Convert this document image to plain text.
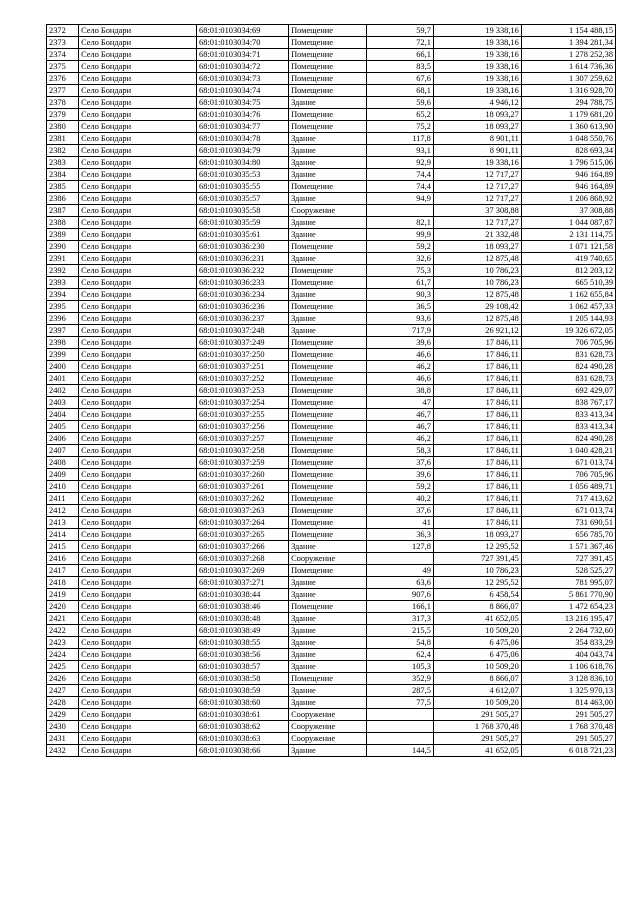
2372	Село Бондари	68:01:0103034:69	Помещение	59,7	19 338,16	1 154 488,15
2373	Село Бондари	68:01:0103034:70	Помещение	72,1	19 338,16	1 394 281,34
2374	Село Бондари	68:01:0103034:71	Помещение	66,1	19 338,16	1 278 252,38
2375	Село Бондари	68:01:0103034:72	Помещение	83,5	19 338,16	1 614 736,36
2376	Село Бондари	68:01:0103034:73	Помещение	67,6	19 338,16	1 307 259,62
2377	Село Бондари	68:01:0103034:74	Помещение	68,1	19 338,16	1 316 928,70
2378	Село Бондари	68:01:0103034:75	Здание	59,6	4 946,12	294 788,75
2379	Село Бондари	68:01:0103034:76	Помещение	65,2	18 093,27	1 179 681,20
2380	Село Бондари	68:01:0103034:77	Помещение	75,2	18 093,27	1 360 613,90
2381	Село Бондари	68:01:0103034:78	Здание	117,8	8 901,11	1 048 550,76
2382	Село Бондари	68:01:0103034:79	Здание	93,1	8 901,11	828 693,34
2383	Село Бондари	68:01:0103034:80	Здание	92,9	19 338,16	1 796 515,06
2384	Село Бондари	68:01:0103035:53	Здание	74,4	12 717,27	946 164,89
2385	Село Бондари	68:01:0103035:55	Помещение	74,4	12 717,27	946 164,89
2386	Село Бондари	68:01:0103035:57	Здание	94,9	12 717,27	1 206 868,92
2387	Село Бондари	68:01:0103035:58	Сооружение		37 308,88	37 308,88
2388	Село Бондари	68:01:0103035:59	Здание	82,1	12 717,27	1 044 087,87
2389	Село Бондари	68:01:0103035:61	Здание	99,9	21 332,48	2 131 114,75
2390	Село Бондари	68:01:0103036:230	Помещение	59,2	18 093,27	1 071 121,58
2391	Село Бондари	68:01:0103036:231	Здание	32,6	12 875,48	419 740,65
2392	Село Бондари	68:01:0103036:232	Помещение	75,3	10 786,23	812 203,12
2393	Село Бондари	68:01:0103036:233	Помещение	61,7	10 786,23	665 510,39
2394	Село Бондари	68:01:0103036:234	Здание	90,3	12 875,48	1 162 655,84
2395	Село Бондари	68:01:0103036:236	Помещение	36,5	29 108,42	1 062 457,33
2396	Село Бондари	68:01:0103036:237	Здание	93,6	12 875,48	1 205 144,93
2397	Село Бондари	68:01:0103037:248	Здание	717,9	26 921,12	19 326 672,05
2398	Село Бондари	68:01:0103037:249	Помещение	39,6	17 846,11	706 705,96
2399	Село Бондари	68:01:0103037:250	Помещение	46,6	17 846,11	831 628,73
2400	Село Бондари	68:01:0103037:251	Помещение	46,2	17 846,11	824 490,28
2401	Село Бондари	68:01:0103037:252	Помещение	46,6	17 846,11	831 628,73
2402	Село Бондари	68:01:0103037:253	Помещение	38,8	17 846,11	692 429,07
2403	Село Бондари	68:01:0103037:254	Помещение	47	17 846,11	838 767,17
2404	Село Бондари	68:01:0103037:255	Помещение	46,7	17 846,11	833 413,34
2405	Село Бондари	68:01:0103037:256	Помещение	46,7	17 846,11	833 413,34
2406	Село Бондари	68:01:0103037:257	Помещение	46,2	17 846,11	824 490,28
2407	Село Бондари	68:01:0103037:258	Помещение	58,3	17 846,11	1 040 428,21
2408	Село Бондари	68:01:0103037:259	Помещение	37,6	17 846,11	671 013,74
2409	Село Бондари	68:01:0103037:260	Помещение	39,6	17 846,11	706 705,96
2410	Село Бондари	68:01:0103037:261	Помещение	59,2	17 846,11	1 056 489,71
2411	Село Бондари	68:01:0103037:262	Помещение	40,2	17 846,11	717 413,62
2412	Село Бондари	68:01:0103037:263	Помещение	37,6	17 846,11	671 013,74
2413	Село Бондари	68:01:0103037:264	Помещение	41	17 846,11	731 690,51
2414	Село Бондари	68:01:0103037:265	Помещение	36,3	18 093,27	656 785,70
2415	Село Бондари	68:01:0103037:266	Здание	127,8	12 295,52	1 571 367,46
2416	Село Бондари	68:01:0103037:268	Сооружение		727 391,45	727 391,45
2417	Село Бондари	68:01:0103037:269	Помещение	49	10 786,23	528 525,27
2418	Село Бондари	68:01:0103037:271	Здание	63,6	12 295,52	781 995,07
2419	Село Бондари	68:01:0103038:44	Здание	907,6	6 458,54	5 861 770,90
2420	Село Бондари	68:01:0103038:46	Помещение	166,1	8 866,07	1 472 654,23
2421	Село Бондари	68:01:0103038:48	Здание	317,3	41 652,05	13 216 195,47
2422	Село Бондари	68:01:0103038:49	Здание	215,5	10 509,20	2 264 732,60
2423	Село Бондари	68:01:0103038:55	Здание	54,8	6 475,06	354 833,29
2424	Село Бондари	68:01:0103038:56	Здание	62,4	6 475,06	404 043,74
2425	Село Бондари	68:01:0103038:57	Здание	105,3	10 509,20	1 106 618,76
2426	Село Бондари	68:01:0103038:58	Помещение	352,9	8 866,07	3 128 836,10
2427	Село Бондари	68:01:0103038:59	Здание	287,5	4 612,07	1 325 970,13
2428	Село Бондари	68:01:0103038:60	Здание	77,5	10 509,20	814 463,00
2429	Село Бондари	68:01:0103038:61	Сооружение		291 505,27	291 505,27
2430	Село Бондари	68:01:0103038:62	Сооружение		1 768 370,48	1 768 370,48
2431	Село Бондари	68:01:0103038:63	Сооружение		291 505,27	291 505,27
2432	Село Бондари	68:01:0103038:66	Здание	144,5	41 652,05	6 018 721,23
